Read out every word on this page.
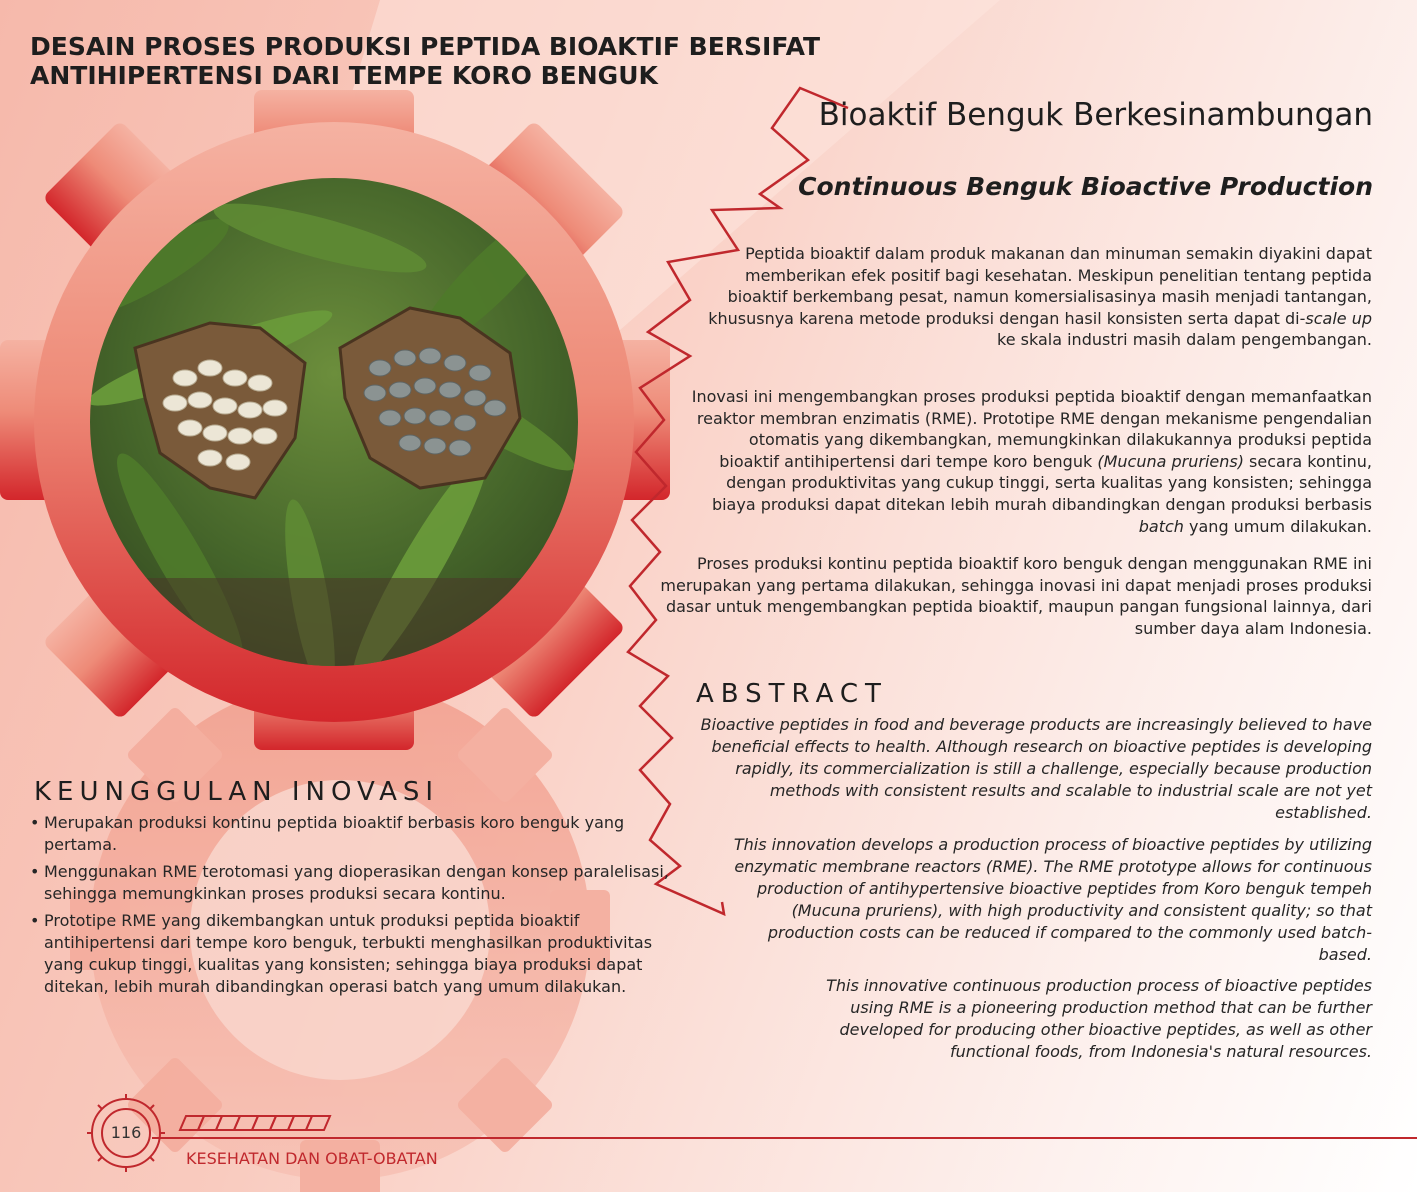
DESAIN PROSES PRODUKSI PEPTIDA BIOAKTIF BERSIFAT ANTIHIPERTENSI DARI TEMPE KORO BENGUK
Bioaktif Benguk Berkesinambungan
Continuous Benguk Bioactive Production

Peptida bioaktif dalam produk makanan dan minuman semakin diyakini dapat memberikan efek positif bagi kesehatan. Meskipun penelitian tentang peptida bioaktif berkembang pesat, namun komersialisasinya masih menjadi tantangan, khususnya karena metode produksi dengan hasil konsisten serta dapat di-scale up ke skala industri masih dalam pengembangan.

Inovasi ini mengembangkan proses produksi peptida bioaktif dengan memanfaatkan reaktor membran enzimatis (RME). Prototipe RME dengan mekanisme pengendalian otomatis yang dikembangkan, memungkinkan dilakukannya produksi peptida bioaktif antihipertensi dari tempe koro benguk (Mucuna pruriens) secara kontinu, dengan produktivitas yang cukup tinggi, serta kualitas yang konsisten; sehingga biaya produksi dapat ditekan lebih murah dibandingkan dengan produksi berbasis batch yang umum dilakukan.

Proses produksi kontinu peptida bioaktif koro benguk dengan menggunakan RME ini merupakan yang pertama dilakukan, sehingga inovasi ini dapat menjadi proses produksi dasar untuk mengembangkan peptida bioaktif, maupun pangan fungsional lainnya, dari sumber daya alam Indonesia.

ABSTRACT

Bioactive peptides in food and beverage products are increasingly believed to have beneficial effects to health. Although research on bioactive peptides is developing rapidly, its commercialization is still a challenge, especially because production methods with consistent results and scalable to industrial scale are not yet established.

This innovation develops a production process of bioactive peptides by utilizing enzymatic membrane reactors (RME). The RME prototype allows for continuous production of antihypertensive bioactive peptides from Koro benguk tempeh (Mucuna pruriens), with high productivity and consistent quality; so that production costs can be reduced if compared to the commonly used batch-based.

This innovative continuous production process of bioactive peptides using RME is a pioneering production method that can be further developed for producing other bioactive peptides, as well as other functional foods, from Indonesia's natural resources.

KEUNGGULAN INOVASI
• Merupakan produksi kontinu peptida bioaktif berbasis koro benguk yang pertama.
• Menggunakan RME terotomasi yang dioperasikan dengan konsep paralelisasi, sehingga memungkinkan proses produksi secara kontinu.
• Prototipe RME yang dikembangkan untuk produksi peptida bioaktif antihipertensi dari tempe koro benguk, terbukti menghasilkan produktivitas yang cukup tinggi, kualitas yang konsisten; sehingga biaya produksi dapat ditekan, lebih murah dibandingkan operasi batch yang umum dilakukan.
116

KESEHATAN DAN OBAT-OBATAN
